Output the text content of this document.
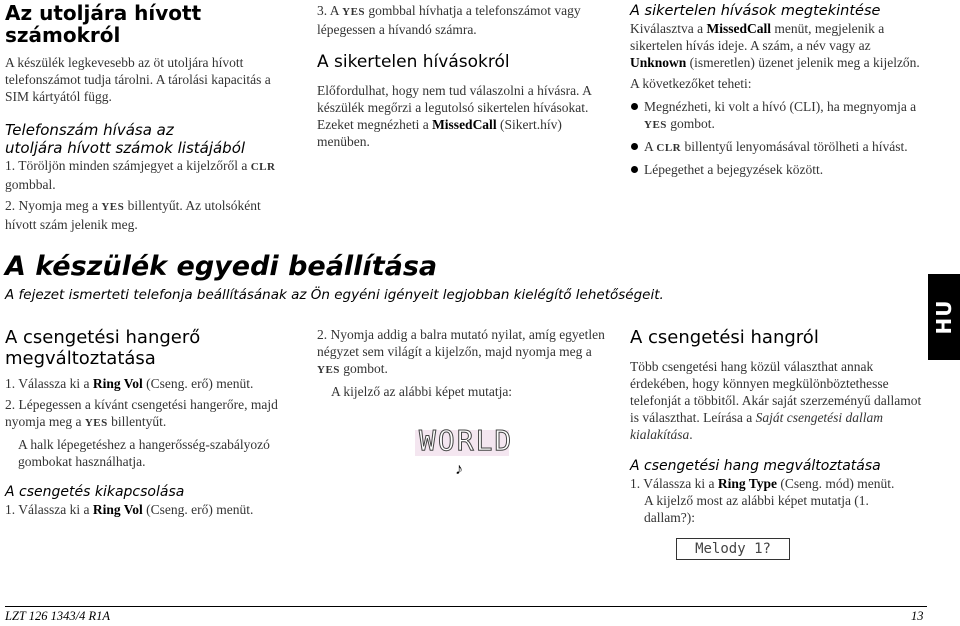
Az utoljára hívott számokról

A készülék legkevesebb az öt utoljára hívott telefonszámot tudja tárolni. A tárolási kapacitás a SIM kártyától függ.

Telefonszám hívása az

utoljára hívott számok listájából

1. Töröljön minden számjegyet a kijelzőről a CLR gombbal.

2. Nyomja meg a YES billentyűt. Az utolsóként hívott szám jelenik meg.

3. A YES gombbal hívhatja a telefonszámot vagy lépegessen a hívandó számra.

A sikertelen hívásokról

Előfordulhat, hogy nem tud válaszolni a hívásra. A készülék megőrzi a legutolsó sikertelen hívásokat. Ezeket megnézheti a MissedCall (Sikert.hív) menüben.

A sikertelen hívások megtekintése

Kiválasztva a MissedCall menüt, megjelenik a sikertelen hívás ideje. A szám, a név vagy az Unknown (ismeretlen) üzenet jelenik meg a kijelzőn.

A következőket teheti:

Megnézheti, ki volt a hívó (CLI), ha megnyomja a YES gombot.

A CLR billentyű lenyomásával törölheti a hívást.

Lépegethet a bejegyzések között.

A készülék egyedi beállítása

A fejezet ismerteti telefonja beállításának az Ön egyéni igényeit legjobban kielégítő lehetőségeit.

HU

A csengetési hangerő

megváltoztatása

1. Válassza ki a Ring Vol (Cseng. erő) menüt.

2. Lépegessen a kívánt csengetési hangerőre, majd nyomja meg a YES billentyűt.

A halk lépegetéshez a hangerősség-szabályozó gombokat használhatja.

A csengetés kikapcsolása

1. Válassza ki a Ring Vol (Cseng. erő) menüt.

2. Nyomja addig a balra mutató nyilat, amíg egyetlen négyzet sem világít a kijelzőn, majd nyomja meg a YES gombot.

A kijelző az alábbi képet mutatja:

WORLD
♪

A csengetési hangról

Több csengetési hang közül választhat annak érdekében, hogy könnyen megkülönböztethesse telefonját a többitől. Akár saját szerzeményű dallamot is választhat. Leírása a Saját csengetési dallam kialakítása.

A csengetési hang megváltoztatása

1. Válassza ki a Ring Type (Cseng. mód) menüt.

A kijelző most az alábbi képet mutatja (1. dallam?):

Melody 1?
LZT 126 1343/4 R1A	13
